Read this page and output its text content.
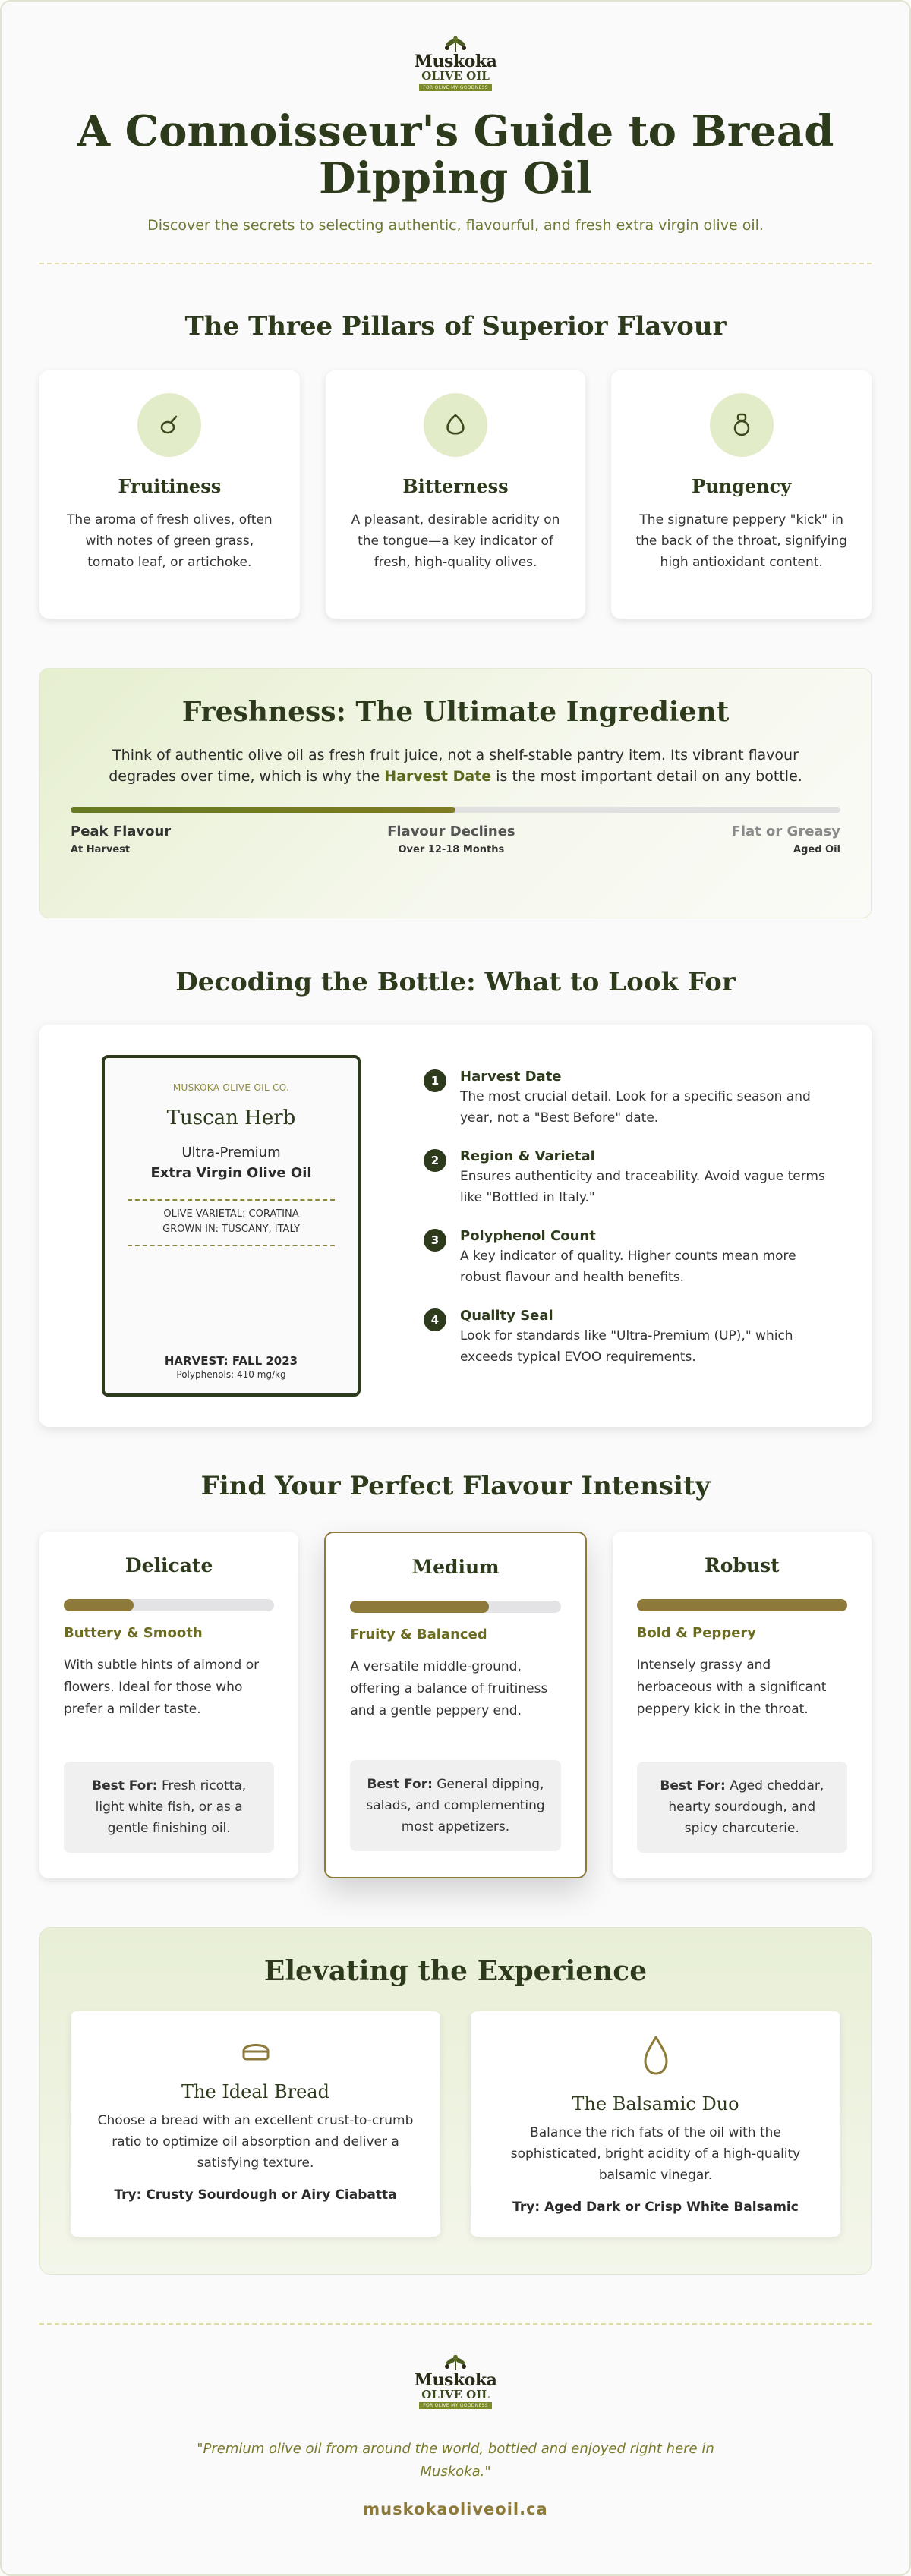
Muskoka
OLIVE OIL
FOR OLIVE MY GOODNESS
A Connoisseur's Guide to Bread Dipping Oil
Discover the secrets to selecting authentic, flavourful, and fresh extra virgin olive oil.
The Three Pillars of Superior Flavour
Fruitiness

The aroma of fresh olives, often with notes of green grass, tomato leaf, or artichoke.

Bitterness

A pleasant, desirable acridity on the tongue—a key indicator of fresh, high-quality olives.

Pungency

The signature peppery "kick" in the back of the throat, signifying high antioxidant content.

Freshness: The Ultimate Ingredient

Think of authentic olive oil as fresh fruit juice, not a shelf-stable pantry item. Its vibrant flavour degrades over time, which is why the Harvest Date is the most important detail on any bottle.

Peak Flavour
At Harvest
Flavour Declines
Over 12-18 Months
Flat or Greasy
Aged Oil
Decoding the Bottle: What to Look For
MUSKOKA OLIVE OIL CO.
Tuscan Herb
Ultra-Premium
Extra Virgin Olive Oil
OLIVE VARIETAL: CORATINA
GROWN IN: TUSCANY, ITALY
HARVEST: FALL 2023
Polyphenols: 410 mg/kg
1	Harvest Date
The most crucial detail. Look for a specific season and year, not a "Best Before" date.
2	Region & Varietal
Ensures authenticity and traceability. Avoid vague terms like "Bottled in Italy."
3	Polyphenol Count
A key indicator of quality. Higher counts mean more robust flavour and health benefits.
4	Quality Seal
Look for standards like "Ultra-Premium (UP)," which exceeds typical EVOO requirements.
Find Your Perfect Flavour Intensity
Delicate
Buttery & Smooth
With subtle hints of almond or flowers. Ideal for those who prefer a milder taste.
Best For: Fresh ricotta, light white fish, or as a gentle finishing oil.
Medium
Fruity & Balanced
A versatile middle-ground, offering a balance of fruitiness and a gentle peppery end.
Best For: General dipping, salads, and complementing most appetizers.
Robust
Bold & Peppery
Intensely grassy and herbaceous with a significant peppery kick in the throat.
Best For: Aged cheddar, hearty sourdough, and spicy charcuterie.
Elevating the Experience
The Ideal Bread

Choose a bread with an excellent crust-to-crumb ratio to optimize oil absorption and deliver a satisfying texture.

Try: Crusty Sourdough or Airy Ciabatta
The Balsamic Duo

Balance the rich fats of the oil with the sophisticated, bright acidity of a high-quality balsamic vinegar.

Try: Aged Dark or Crisp White Balsamic
Muskoka
OLIVE OIL
FOR OLIVE MY GOODNESS
"Premium olive oil from around the world, bottled and enjoyed right here in Muskoka."
muskokaoliveoil.ca
